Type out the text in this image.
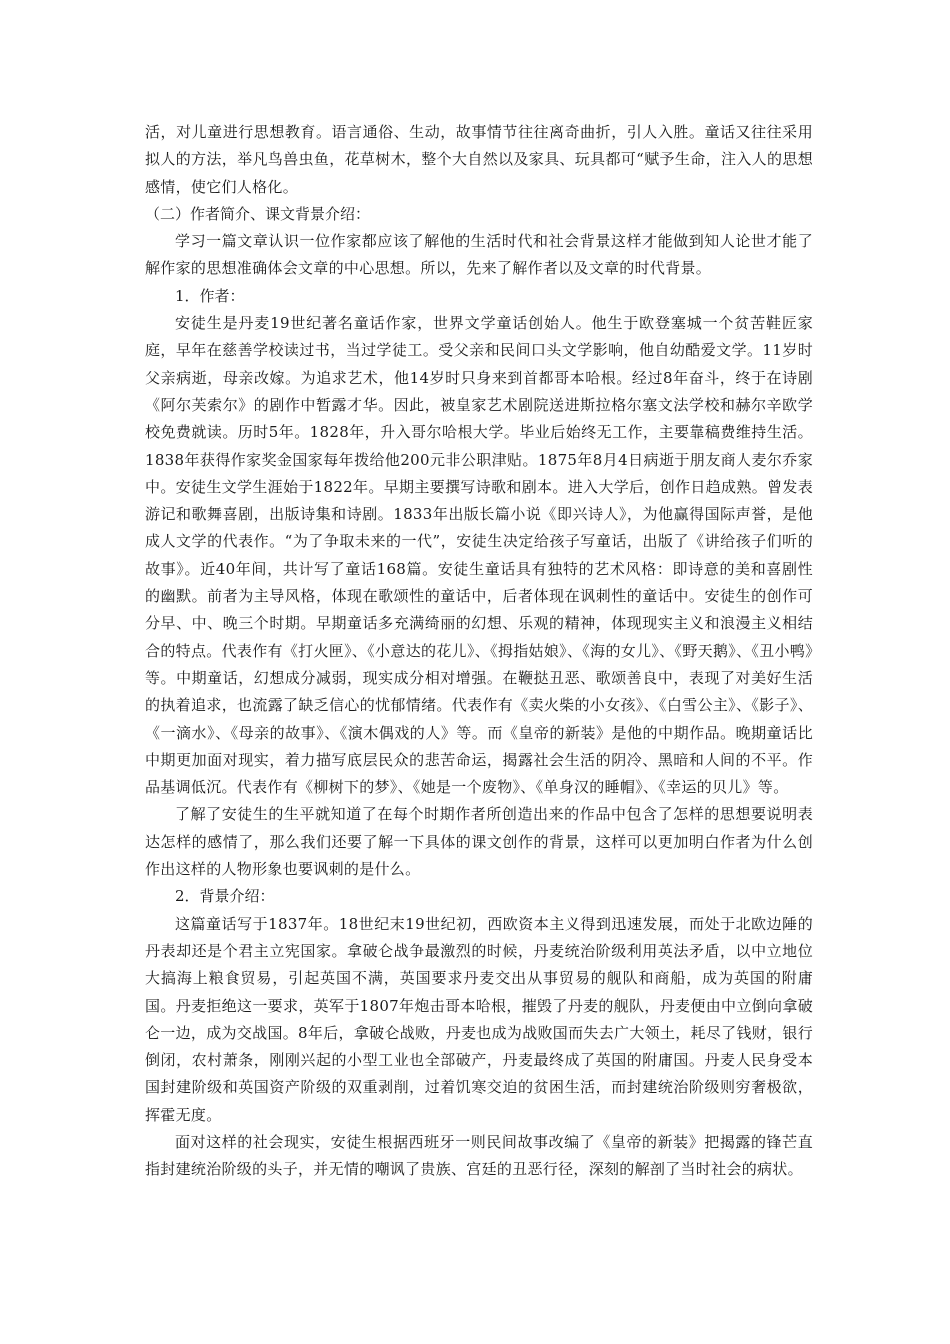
活，对儿童进行思想教育。语言通俗、生动，故事情节往往离奇曲折，引人入胜。童话又往往采用拟人的方法，举凡鸟兽虫鱼，花草树木，整个大自然以及家具、玩具都可“赋予生命，注入人的思想感情，使它们人格化。

（二）作者简介、课文背景介绍：

学习一篇文章认识一位作家都应该了解他的生活时代和社会背景这样才能做到知人论世才能了解作家的思想准确体会文章的中心思想。所以，先来了解作者以及文章的时代背景。

1．作者：

安徒生是丹麦19世纪著名童话作家，世界文学童话创始人。他生于欧登塞城一个贫苦鞋匠家庭，早年在慈善学校读过书，当过学徒工。受父亲和民间口头文学影响，他自幼酷爱文学。11岁时父亲病逝，母亲改嫁。为追求艺术，他14岁时只身来到首都哥本哈根。经过8年奋斗，终于在诗剧《阿尔芙索尔》的剧作中暂露才华。因此，被皇家艺术剧院送进斯拉格尔塞文法学校和赫尔辛欧学校免费就读。历时5年。1828年，升入哥尔哈根大学。毕业后始终无工作，主要靠稿费维持生活。1838年获得作家奖金国家每年拨给他200元非公职津贴。1875年8月4日病逝于朋友商人麦尔乔家中。安徒生文学生涯始于1822年。早期主要撰写诗歌和剧本。进入大学后，创作日趋成熟。曾发表游记和歌舞喜剧，出版诗集和诗剧。1833年出版长篇小说《即兴诗人》，为他赢得国际声誉，是他成人文学的代表作。“为了争取未来的一代”，安徒生决定给孩子写童话，出版了《讲给孩子们听的故事》。近40年间，共计写了童话168篇。安徒生童话具有独特的艺术风格：即诗意的美和喜剧性的幽默。前者为主导风格，体现在歌颂性的童话中，后者体现在讽刺性的童话中。安徒生的创作可分早、中、晚三个时期。早期童话多充满绮丽的幻想、乐观的精神，体现现实主义和浪漫主义相结合的特点。代表作有《打火匣》、《小意达的花儿》、《拇指姑娘》、《海的女儿》、《野天鹅》、《丑小鸭》等。中期童话，幻想成分减弱，现实成分相对增强。在鞭挞丑恶、歌颂善良中，表现了对美好生活的执着追求，也流露了缺乏信心的忧郁情绪。代表作有《卖火柴的小女孩》、《白雪公主》、《影子》、《一滴水》、《母亲的故事》、《演木偶戏的人》等。而《皇帝的新装》是他的中期作品。晚期童话比中期更加面对现实，着力描写底层民众的悲苦命运，揭露社会生活的阴冷、黑暗和人间的不平。作品基调低沉。代表作有《柳树下的梦》、《她是一个废物》、《单身汉的睡帽》、《幸运的贝儿》等。

了解了安徒生的生平就知道了在每个时期作者所创造出来的作品中包含了怎样的思想要说明表达怎样的感情了，那么我们还要了解一下具体的课文创作的背景，这样可以更加明白作者为什么创作出这样的人物形象也要讽刺的是什么。

2．背景介绍：

这篇童话写于1837年。18世纪末19世纪初，西欧资本主义得到迅速发展，而处于北欧边陲的丹表却还是个君主立宪国家。拿破仑战争最激烈的时候，丹麦统治阶级利用英法矛盾，以中立地位大搞海上粮食贸易，引起英国不满，英国要求丹麦交出从事贸易的舰队和商船，成为英国的附庸国。丹麦拒绝这一要求，英军于1807年炮击哥本哈根，摧毁了丹麦的舰队，丹麦便由中立倒向拿破仑一边，成为交战国。8年后，拿破仑战败，丹麦也成为战败国而失去广大领土，耗尽了钱财，银行倒闭，农村萧条，刚刚兴起的小型工业也全部破产，丹麦最终成了英国的附庸国。丹麦人民身受本国封建阶级和英国资产阶级的双重剥削，过着饥寒交迫的贫困生活，而封建统治阶级则穷奢极欲，挥霍无度。

面对这样的社会现实，安徒生根据西班牙一则民间故事改编了《皇帝的新装》把揭露的锋芒直指封建统治阶级的头子，并无情的嘲讽了贵族、宫廷的丑恶行径，深刻的解剖了当时社会的病状。
